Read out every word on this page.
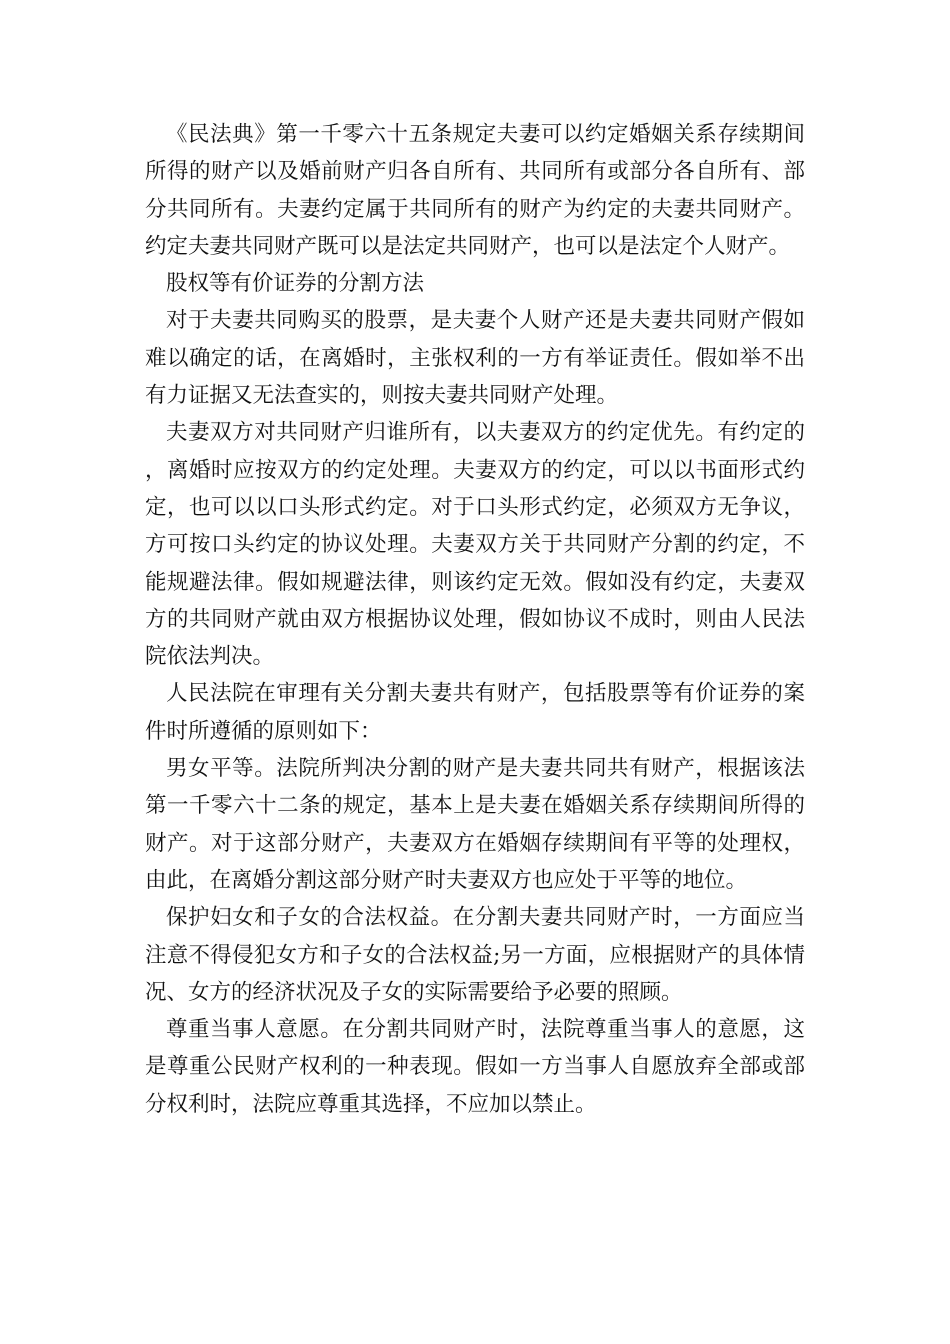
《民法典》第一千零六十五条规定夫妻可以约定婚姻关系存续期间所得的财产以及婚前财产归各自所有、共同所有或部分各自所有、部分共同所有。夫妻约定属于共同所有的财产为约定的夫妻共同财产。约定夫妻共同财产既可以是法定共同财产，也可以是法定个人财产。

股权等有价证券的分割方法

对于夫妻共同购买的股票，是夫妻个人财产还是夫妻共同财产假如难以确定的话，在离婚时，主张权利的一方有举证责任。假如举不出有力证据又无法查实的，则按夫妻共同财产处理。

夫妻双方对共同财产归谁所有，以夫妻双方的约定优先。有约定的，离婚时应按双方的约定处理。夫妻双方的约定，可以以书面形式约定，也可以以口头形式约定。对于口头形式约定，必须双方无争议，方可按口头约定的协议处理。夫妻双方关于共同财产分割的约定，不能规避法律。假如规避法律，则该约定无效。假如没有约定，夫妻双方的共同财产就由双方根据协议处理，假如协议不成时，则由人民法院依法判决。

人民法院在审理有关分割夫妻共有财产，包括股票等有价证券的案件时所遵循的原则如下：

男女平等。法院所判决分割的财产是夫妻共同共有财产，根据该法第一千零六十二条的规定，基本上是夫妻在婚姻关系存续期间所得的财产。对于这部分财产，夫妻双方在婚姻存续期间有平等的处理权，由此，在离婚分割这部分财产时夫妻双方也应处于平等的地位。

保护妇女和子女的合法权益。在分割夫妻共同财产时，一方面应当注意不得侵犯女方和子女的合法权益;另一方面，应根据财产的具体情况、女方的经济状况及子女的实际需要给予必要的照顾。

尊重当事人意愿。在分割共同财产时，法院尊重当事人的意愿，这是尊重公民财产权利的一种表现。假如一方当事人自愿放弃全部或部分权利时，法院应尊重其选择，不应加以禁止。
